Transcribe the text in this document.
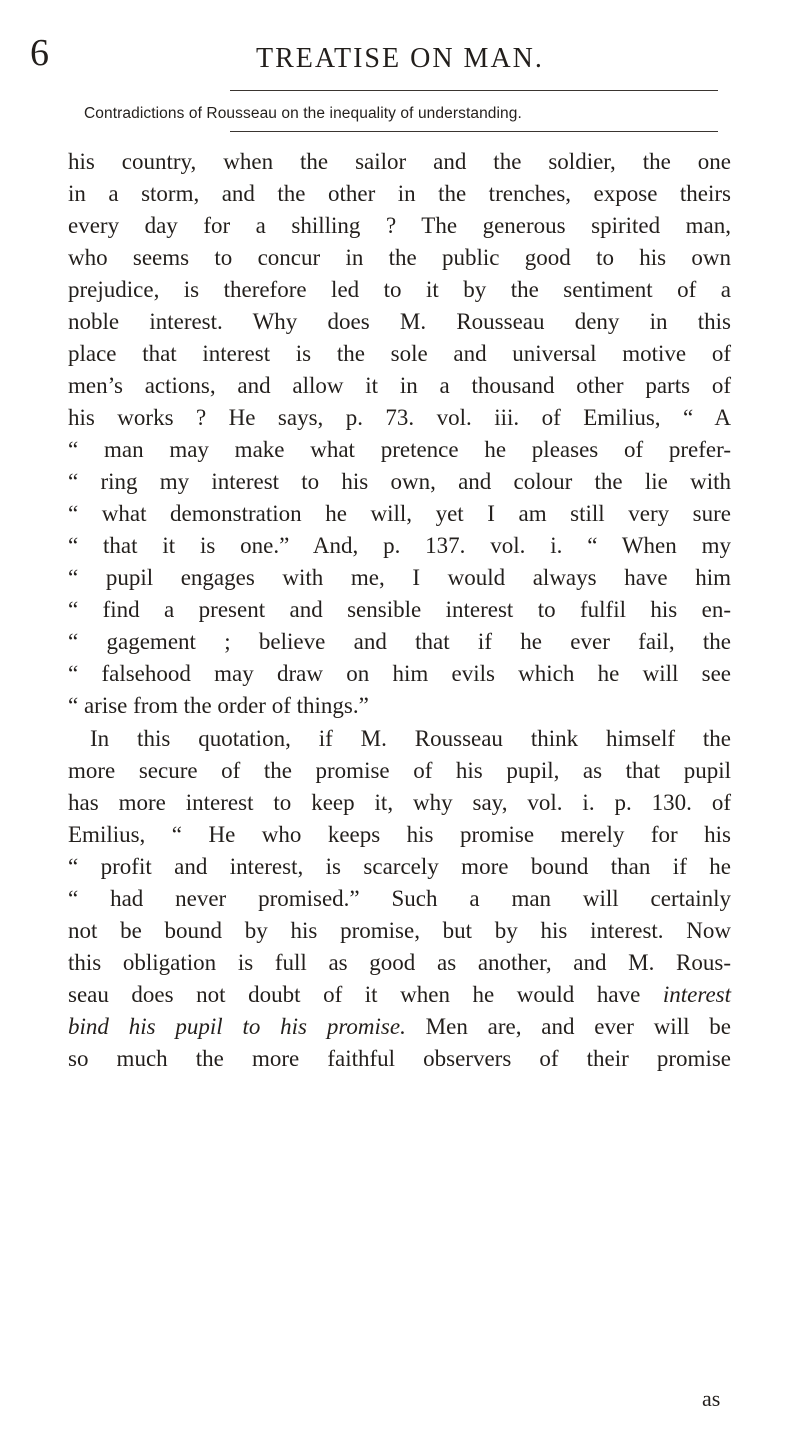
6	TREATISE ON MAN.
Contradictions of Rousseau on the inequality of understanding.
his country, when the sailor and the soldier, the one
in a storm, and the other in the trenches, expose theirs
every day for a shilling ? The generous spirited man,
who seems to concur in the public good to his own
prejudice, is therefore led to it by the sentiment of a
noble interest. Why does M. Rousseau deny in this
place that interest is the sole and universal motive of
men’s actions, and allow it in a thousand other parts of
his works ? He says, p. 73. vol. iii. of Emilius, “ A
“ man may make what pretence he pleases of prefer-
“ ring my interest to his own, and colour the lie with
“ what demonstration he will, yet I am still very sure
“ that it is one.” And, p. 137. vol. i. “ When my
“ pupil engages with me, I would always have him
“ find a present and sensible interest to fulfil his en-
“ gagement ; believe and that if he ever fail, the
“ falsehood may draw on him evils which he will see
“ arise from the order of things.”
In this quotation, if M. Rousseau think himself the
more secure of the promise of his pupil, as that pupil
has more interest to keep it, why say, vol. i. p. 130. of
Emilius, “ He who keeps his promise merely for his
“ profit and interest, is scarcely more bound than if he
“ had never promised.” Such a man will certainly
not be bound by his promise, but by his interest. Now
this obligation is full as good as another, and M. Rous-
seau does not doubt of it when he would have interest
bind his pupil to his promise. Men are, and ever will be
so much the more faithful observers of their promise
as
